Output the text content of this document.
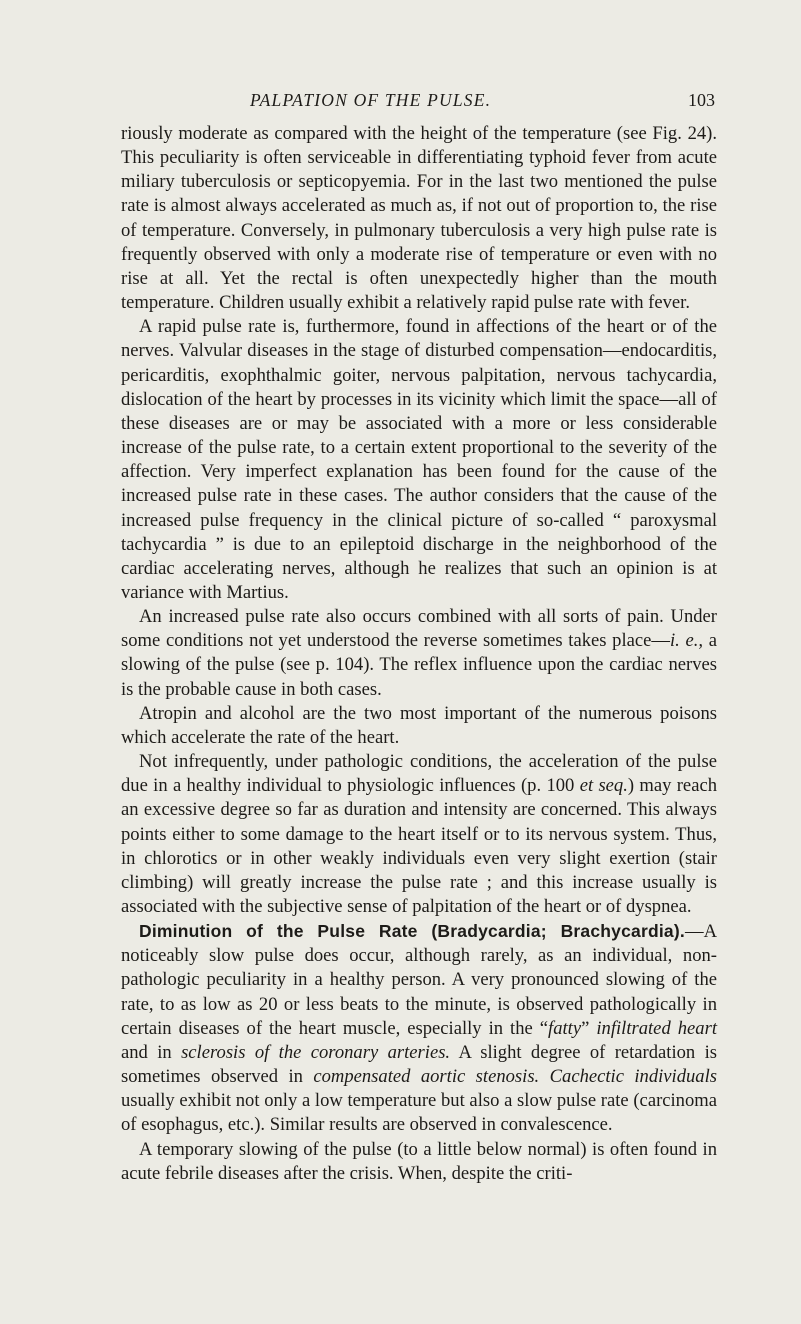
PALPATION OF THE PULSE.	103

riously moderate as compared with the height of the temperature (see Fig. 24). This peculiarity is often serviceable in differentiating typhoid fever from acute miliary tuberculosis or septicopyemia. For in the last two mentioned the pulse rate is almost always accelerated as much as, if not out of proportion to, the rise of temperature. Conversely, in pulmonary tuberculosis a very high pulse rate is frequently observed with only a moderate rise of temperature or even with no rise at all. Yet the rectal is often unexpectedly higher than the mouth temperature. Children usually exhibit a relatively rapid pulse rate with fever.

A rapid pulse rate is, furthermore, found in affections of the heart or of the nerves. Valvular diseases in the stage of disturbed compensation—endocarditis, pericarditis, exophthalmic goiter, nervous palpitation, nervous tachycardia, dislocation of the heart by processes in its vicinity which limit the space—all of these diseases are or may be associated with a more or less considerable increase of the pulse rate, to a certain extent proportional to the severity of the affection. Very imperfect explanation has been found for the cause of the increased pulse rate in these cases. The author considers that the cause of the increased pulse frequency in the clinical picture of so-called “ paroxysmal tachycardia ” is due to an epileptoid discharge in the neighborhood of the cardiac accelerating nerves, although he realizes that such an opinion is at variance with Martius.

An increased pulse rate also occurs combined with all sorts of pain. Under some conditions not yet understood the reverse sometimes takes place—i. e., a slowing of the pulse (see p. 104). The reflex influence upon the cardiac nerves is the probable cause in both cases.

Atropin and alcohol are the two most important of the numerous poisons which accelerate the rate of the heart.

Not infrequently, under pathologic conditions, the acceleration of the pulse due in a healthy individual to physiologic influences (p. 100 et seq.) may reach an excessive degree so far as duration and intensity are concerned. This always points either to some damage to the heart itself or to its nervous system. Thus, in chlorotics or in other weakly individuals even very slight exertion (stair climbing) will greatly increase the pulse rate ; and this increase usually is associated with the subjective sense of palpitation of the heart or of dyspnea.

Diminution of the Pulse Rate (Bradycardia; Brachycardia).—A noticeably slow pulse does occur, although rarely, as an individual, non-pathologic peculiarity in a healthy person. A very pronounced slowing of the rate, to as low as 20 or less beats to the minute, is observed pathologically in certain diseases of the heart muscle, especially in the “fatty” infiltrated heart and in sclerosis of the coronary arteries. A slight degree of retardation is sometimes observed in compensated aortic stenosis. Cachectic individuals usually exhibit not only a low temperature but also a slow pulse rate (carcinoma of esophagus, etc.). Similar results are observed in convalescence.

A temporary slowing of the pulse (to a little below normal) is often found in acute febrile diseases after the crisis. When, despite the criti-
